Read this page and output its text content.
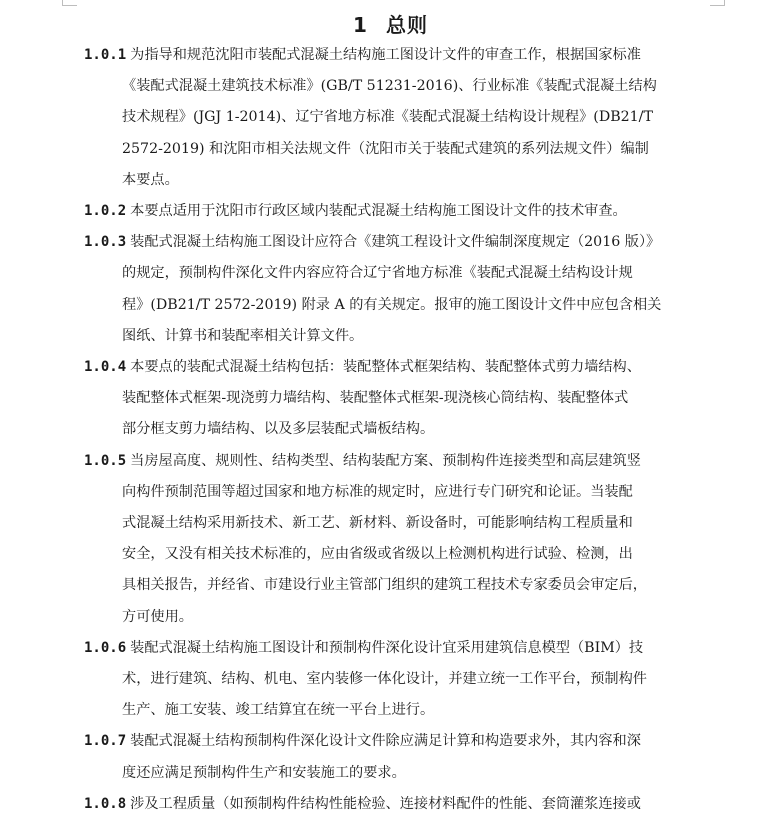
1 总则

1.0.1 为指导和规范沈阳市装配式混凝土结构施工图设计文件的审查工作，根据国家标准
《装配式混凝土建筑技术标准》(GB/T 51231-2016)、行业标准《装配式混凝土结构
技术规程》(JGJ 1-2014)、辽宁省地方标准《装配式混凝土结构设计规程》(DB21/T
2572-2019) 和沈阳市相关法规文件（沈阳市关于装配式建筑的系列法规文件）编制
本要点。

1.0.2 本要点适用于沈阳市行政区域内装配式混凝土结构施工图设计文件的技术审查。

1.0.3 装配式混凝土结构施工图设计应符合《建筑工程设计文件编制深度规定（2016 版）》
的规定，预制构件深化文件内容应符合辽宁省地方标准《装配式混凝土结构设计规
程》(DB21/T 2572-2019) 附录 A 的有关规定。报审的施工图设计文件中应包含相关
图纸、计算书和装配率相关计算文件。

1.0.4 本要点的装配式混凝土结构包括：装配整体式框架结构、装配整体式剪力墙结构、
装配整体式框架-现浇剪力墙结构、装配整体式框架-现浇核心筒结构、装配整体式
部分框支剪力墙结构、以及多层装配式墙板结构。

1.0.5 当房屋高度、规则性、结构类型、结构装配方案、预制构件连接类型和高层建筑竖
向构件预制范围等超过国家和地方标准的规定时，应进行专门研究和论证。当装配
式混凝土结构采用新技术、新工艺、新材料、新设备时，可能影响结构工程质量和
安全，又没有相关技术标准的，应由省级或省级以上检测机构进行试验、检测，出
具相关报告，并经省、市建设行业主管部门组织的建筑工程技术专家委员会审定后，
方可使用。

1.0.6 装配式混凝土结构施工图设计和预制构件深化设计宜采用建筑信息模型（BIM）技
术，进行建筑、结构、机电、室内装修一体化设计，并建立统一工作平台，预制构件
生产、施工安装、竣工结算宜在统一平台上进行。

1.0.7 装配式混凝土结构预制构件深化设计文件除应满足计算和构造要求外，其内容和深
度还应满足预制构件生产和安装施工的要求。

1.0.8 涉及工程质量（如预制构件结构性能检验、连接材料配件的性能、套筒灌浆连接或
